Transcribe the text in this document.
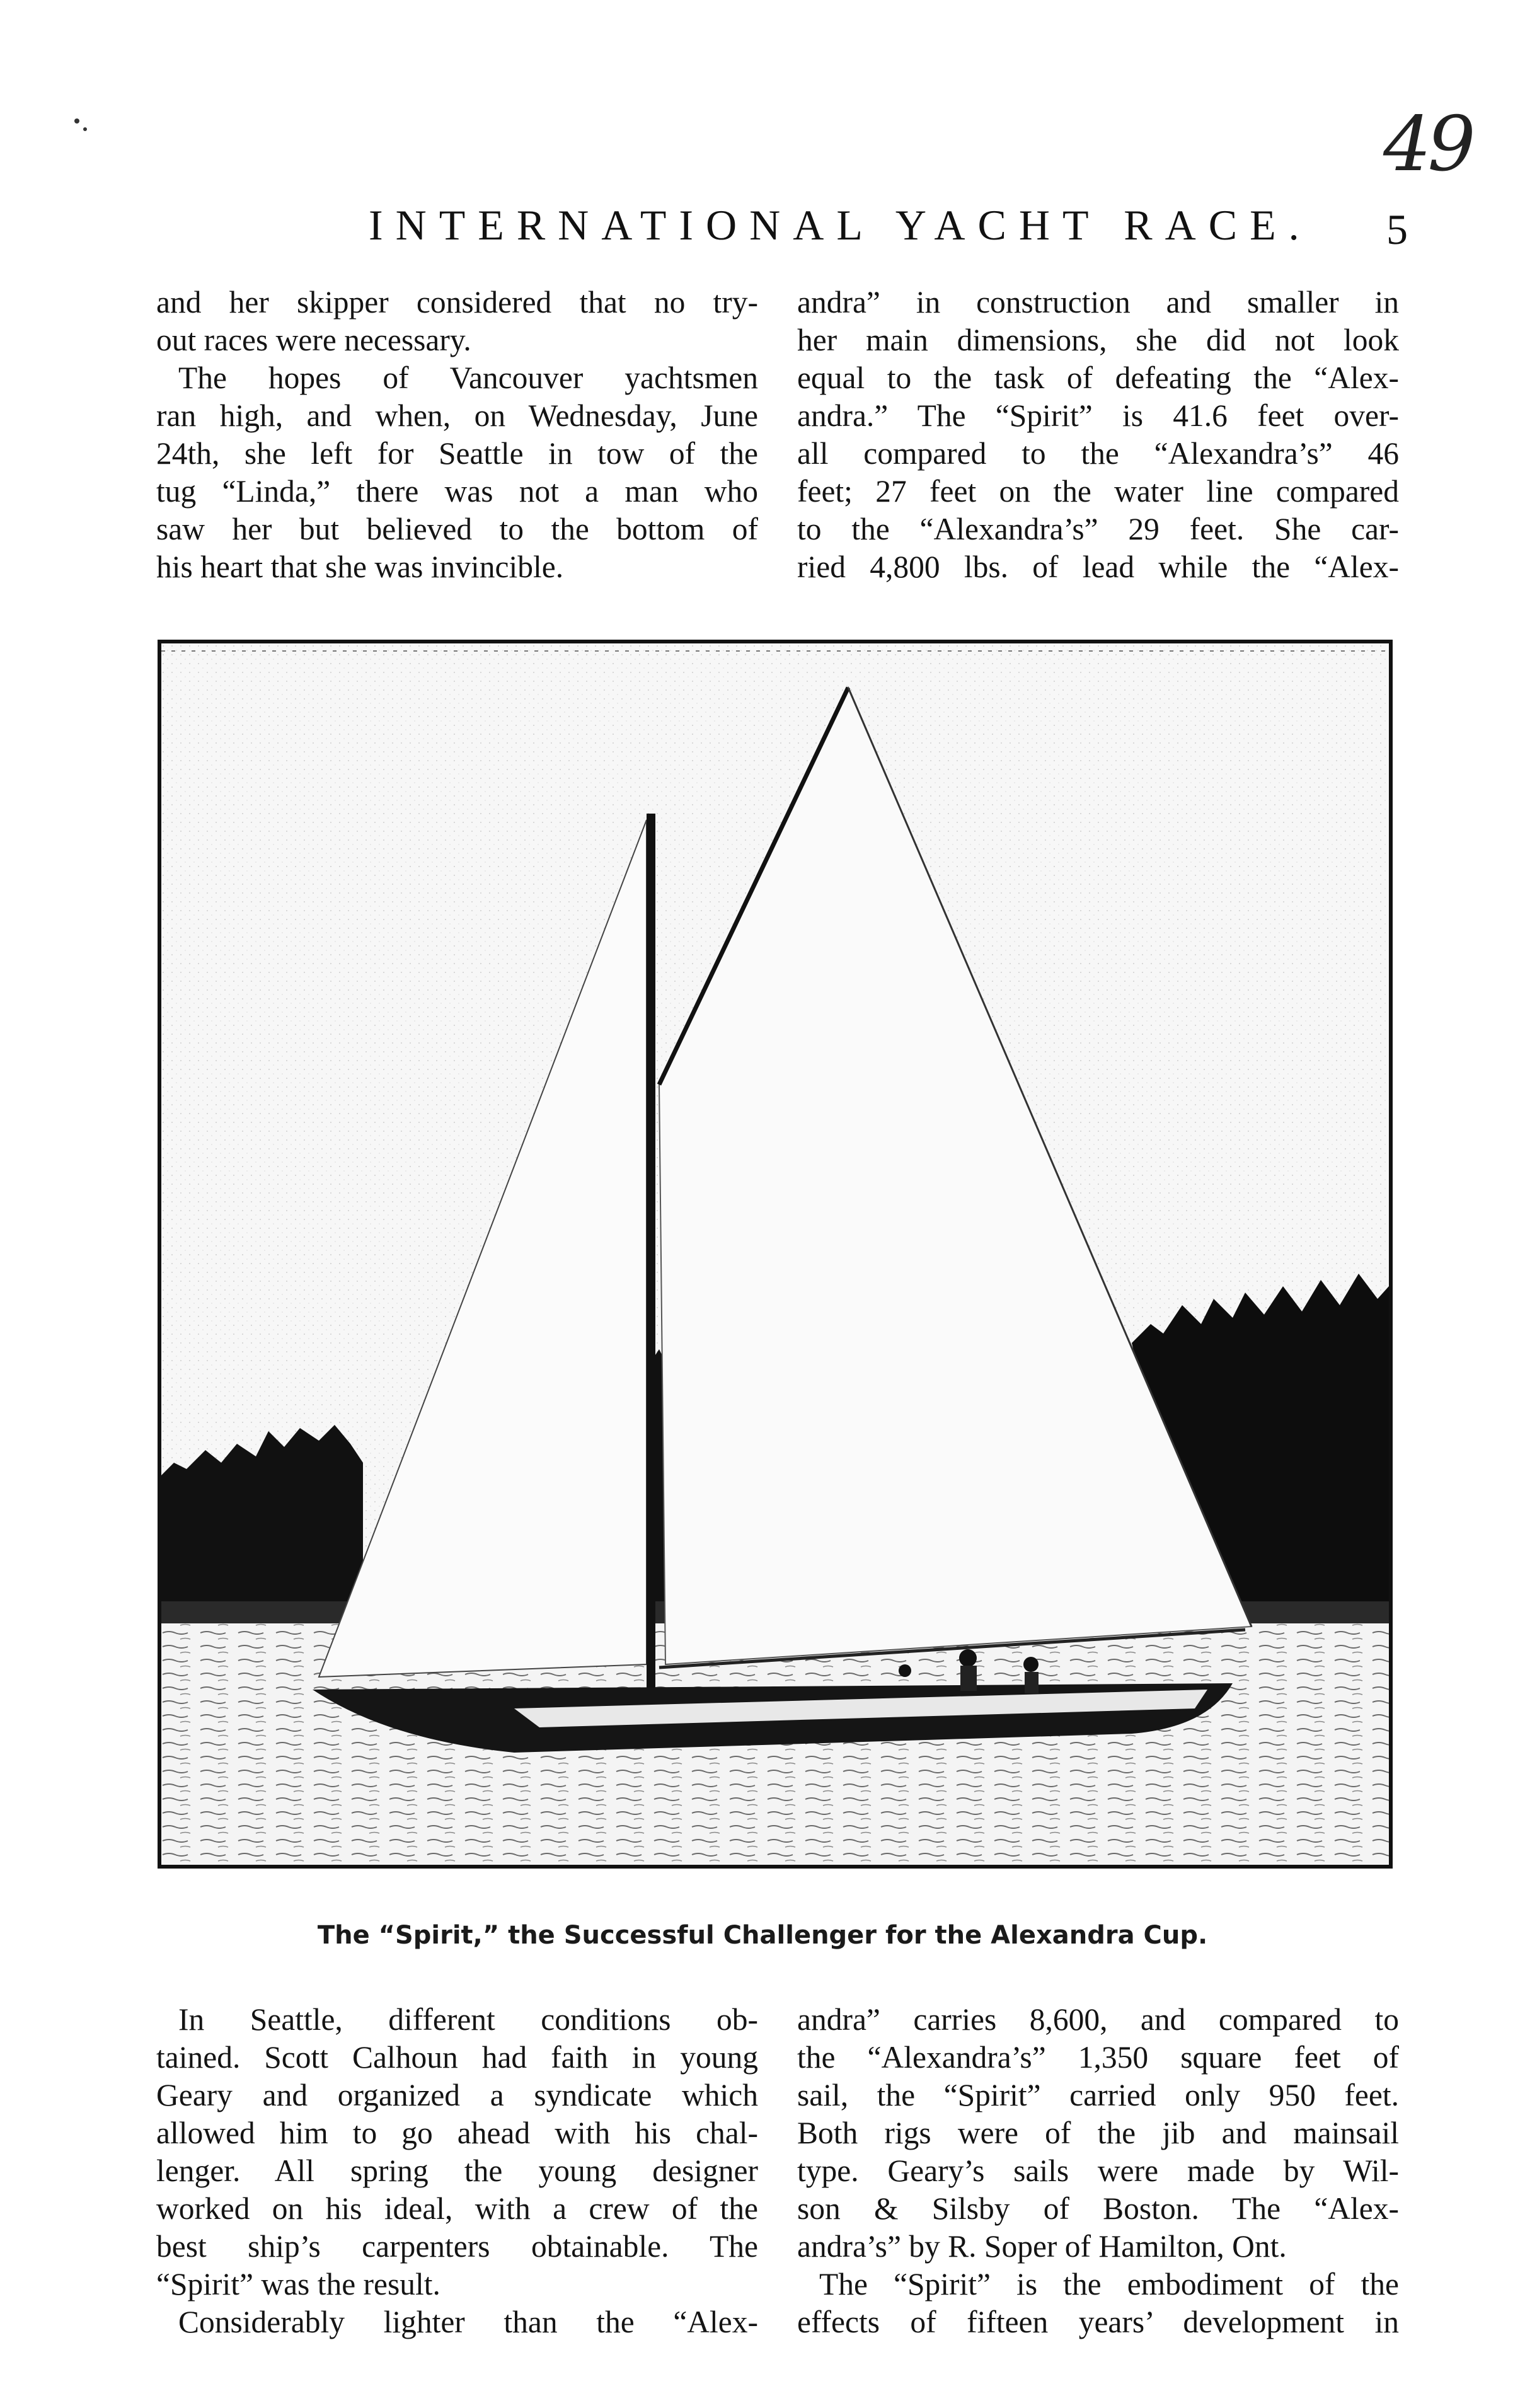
49
INTERNATIONAL YACHT RACE. 5
and her skipper considered that no try-
out races were necessary.
The hopes of Vancouver yachtsmen
ran high, and when, on Wednesday, June
24th, she left for Seattle in tow of the
tug “Linda,” there was not a man who
saw her but believed to the bottom of
his heart that she was invincible.
andra” in construction and smaller in
her main dimensions, she did not look
equal to the task of defeating the “Alex-
andra.” The “Spirit” is 41.6 feet over-
all compared to the “Alexandra’s” 46
feet; 27 feet on the water line compared
to the “Alexandra’s” 29 feet. She car-
ried 4,800 lbs. of lead while the “Alex-
The “Spirit,” the Successful Challenger for the Alexandra Cup.
In Seattle, different conditions ob-
tained. Scott Calhoun had faith in young
Geary and organized a syndicate which
allowed him to go ahead with his chal-
lenger. All spring the young designer
worked on his ideal, with a crew of the
best ship’s carpenters obtainable. The
“Spirit” was the result.
Considerably lighter than the “Alex-
andra” carries 8,600, and compared to
the “Alexandra’s” 1,350 square feet of
sail, the “Spirit” carried only 950 feet.
Both rigs were of the jib and mainsail
type. Geary’s sails were made by Wil-
son & Silsby of Boston. The “Alex-
andra’s” by R. Soper of Hamilton, Ont.
The “Spirit” is the embodiment of the
effects of fifteen years’ development in
